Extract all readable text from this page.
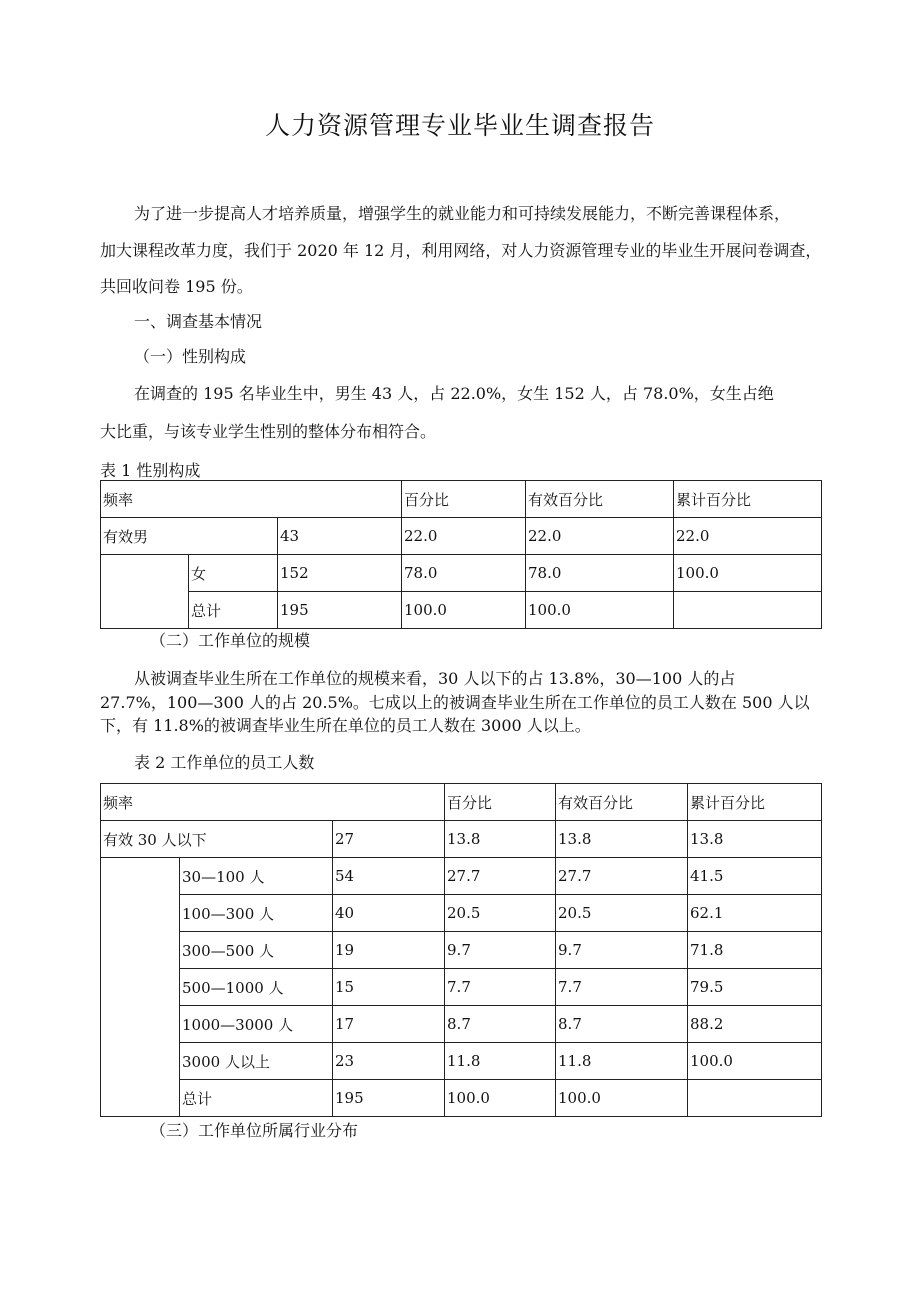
人力资源管理专业毕业生调查报告
为了进一步提高人才培养质量，增强学生的就业能力和可持续发展能力，不断完善课程体系，
加大课程改革力度，我们于 2020 年 12 月，利用网络，对人力资源管理专业的毕业生开展问卷调查，
共回收问卷 195 份。
一、调查基本情况
（一）性别构成
在调查的 195 名毕业生中，男生 43 人，占 22.0%，女生 152 人，占 78.0%，女生占绝
大比重，与该专业学生性别的整体分布相符合。
表 1 性别构成
频率			百分比	有效百分比	累计百分比
有效男		43	22.0	22.0	22.0
	女	152	78.0	78.0	100.0
	总计	195	100.0	100.0	
（二）工作单位的规模
从被调查毕业生所在工作单位的规模来看，30 人以下的占 13.8%，30—100 人的占
27.7%，100—300 人的占 20.5%。七成以上的被调查毕业生所在工作单位的员工人数在 500 人以
下，有 11.8%的被调查毕业生所在单位的员工人数在 3000 人以上。
表 2 工作单位的员工人数
频率			百分比	有效百分比	累计百分比
有效 30 人以下		27	13.8	13.8	13.8
	30—100 人	54	27.7	27.7	41.5
	100—300 人	40	20.5	20.5	62.1
	300—500 人	19	9.7	9.7	71.8
	500—1000 人	15	7.7	7.7	79.5
	1000—3000 人	17	8.7	8.7	88.2
	3000 人以上	23	11.8	11.8	100.0
	总计	195	100.0	100.0	
（三）工作单位所属行业分布
